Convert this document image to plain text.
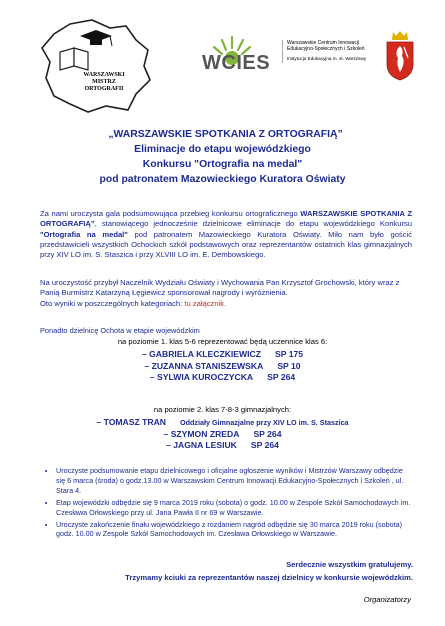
WARSZAWSKI
MISTRZ
ORTOGRAFII
WCIES
Warszawskie Centrum Innowacji
Edukacyjno-Społecznych i Szkoleń
Instytucja Edukacyjna m. st. Warszawy
„WARSZAWSKIE SPOTKANIA Z ORTOGRAFIĄ”
Eliminacje do etapu wojewódzkiego
Konkursu "Ortografia na medal"
pod patronatem Mazowieckiego Kuratora Oświaty
Za nami uroczysta gala podsumowująca przebieg konkursu ortograficznego WARSZAWSKIE SPOTKANIA Z ORTOGRAFIĄ”, stanowiącego jednocześnie dzielnicowe eliminacje do etapu wojewódzkiego Konkursu "Ortografia na medal" pod patronatem Mazowieckiego Kuratora Oświaty. Miło nam było gościć przedstawicieli wszystkich Ochockich szkół podstawowych oraz reprezentantów ostatnich klas gimnazjalnych przy XIV LO im. S. Staszica i przy XLVIII LO im. E. Dembowskiego.
Na uroczystość przybył Naczelnik Wydziału Oświaty i Wychowania Pan Krzysztof Grochowski, który wraz z Panią Burmistrz Katarzyną Łęgiewicz sponsorował nagrody i wyróżnienia.
Oto wyniki w poszczególnych kategoriach: tu załącznik.
Ponadto dzielnicę Ochota w etapie wojewódzkim
na poziomie 1. klas 5-6 reprezentować będą uczennice klas 6:
– GABRIELA KLECZKIEWICZ SP 175
– ZUZANNA STANISZEWSKA SP 10
– SYLWIA KUROCZYCKA SP 264
na poziomie 2. klas 7-8-3 gimnazjalnych:
– TOMASZ TRAN Oddziały Gimnazjalne przy XIV LO im. S. Staszica
– SZYMON ZREDA SP 264
– JAGNA LESIUK SP 264
• Uroczyste podsumowanie etapu dzielnicowego i oficjalne ogłoszenie wyników i Mistrzów Warszawy odbędzie się 6 marca (środa) o godz.13.00 w Warszawskim Centrum Innowacji Edukacyjno-Społecznych i Szkoleń , ul. Stara 4.
• Etap wojewódzki odbędzie się 9 marca 2019 roku (sobota) o godz. 10.00 w Zespole Szkół Samochodowych im. Czesława Orłowskiego przy ul. Jana Pawła II nr 69 w Warszawie.
• Uroczyste zakończenie finału wojewódzkiego z rozdaniem nagród odbędzie się 30 marca 2019 roku (sobota) godz. 10.00 w Zespole Szkół Samochodowych im. Czesława Orłowskiego w Warszawie.
Serdecznie wszystkim gratulujemy.
Trzymamy kciuki za reprezentantów naszej dzielnicy w konkursie wojewódzkim.
Organizatorzy
